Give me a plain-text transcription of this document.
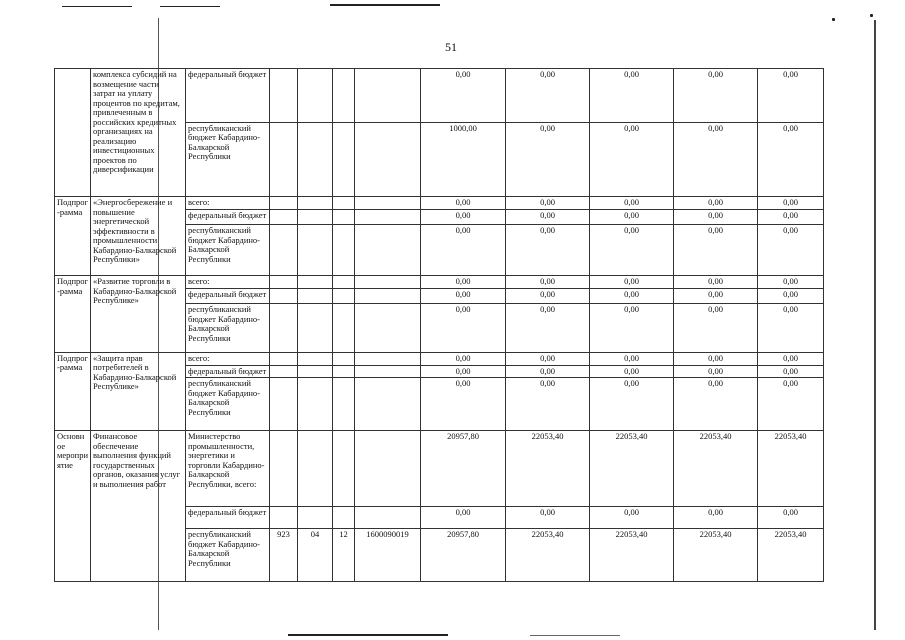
51
	комплекса субсидий на возмещение части затрат на уплату процентов по кредитам, привлеченным в российских кредитных организациях на реализацию инвестиционных проектов по диверсификации	федеральный бюджет					0,00	0,00	0,00	0,00	0,00
		республиканский бюджет Кабардино-Балкарской Республики					1000,00	0,00	0,00	0,00	0,00
Подпрог-рамма	«Энергосбережение и повышение энергетической эффективности в промышленности Кабардино-Балкарской Республики»	всего:					0,00	0,00	0,00	0,00	0,00
		федеральный бюджет					0,00	0,00	0,00	0,00	0,00
		республиканский бюджет Кабардино-Балкарской Республики					0,00	0,00	0,00	0,00	0,00
Подпрог-рамма	«Развитие торговли в Кабардино-Балкарской Республике»	всего:					0,00	0,00	0,00	0,00	0,00
		федеральный бюджет					0,00	0,00	0,00	0,00	0,00
		республиканский бюджет Кабардино-Балкарской Республики					0,00	0,00	0,00	0,00	0,00
Подпрог-рамма	«Защита прав потребителей в Кабардино-Балкарской Республике»	всего:					0,00	0,00	0,00	0,00	0,00
		федеральный бюджет					0,00	0,00	0,00	0,00	0,00
		республиканский бюджет Кабардино-Балкарской Республики					0,00	0,00	0,00	0,00	0,00
Основное мероприятие	Финансовое обеспечение выполнения функций государственных органов, оказания услуг и выполнения работ	Министерство промышленности, энергетики и торговли Кабардино-Балкарской Республики, всего:					20957,80	22053,40	22053,40	22053,40	22053,40
		федеральный бюджет					0,00	0,00	0,00	0,00	0,00
		республиканский бюджет Кабардино-Балкарской Республики	923	04	12	1600090019	20957,80	22053,40	22053,40	22053,40	22053,40
